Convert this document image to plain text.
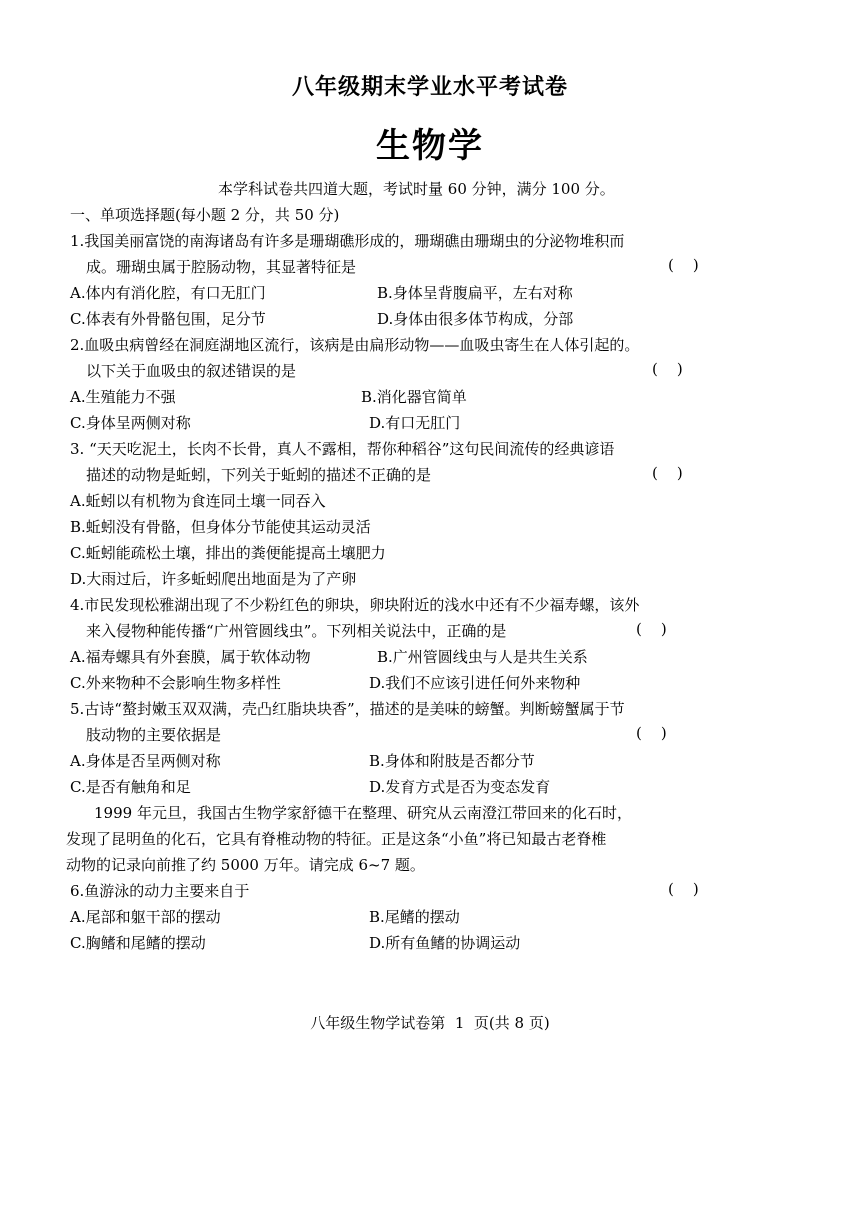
八年级期末学业水平考试卷
生物学
本学科试卷共四道大题，考试时量 60 分钟，满分 100 分。
一、单项选择题(每小题 2 分，共 50 分)
1.我国美丽富饶的南海诸岛有许多是珊瑚礁形成的，珊瑚礁由珊瑚虫的分泌物堆积而
成。珊瑚虫属于腔肠动物，其显著特征是	(    )
A.体内有消化腔，有口无肛门	B.身体呈背腹扁平，左右对称
C.体表有外骨骼包围，足分节	D.身体由很多体节构成，分部
2.血吸虫病曾经在洞庭湖地区流行，该病是由扁形动物——血吸虫寄生在人体引起的。
以下关于血吸虫的叙述错误的是	(    )
A.生殖能力不强	B.消化器官简单
C.身体呈两侧对称	D.有口无肛门
3. “天天吃泥土，长肉不长骨，真人不露相，帮你种稻谷”这句民间流传的经典谚语
描述的动物是蚯蚓，下列关于蚯蚓的描述不正确的是	(    )
A.蚯蚓以有机物为食连同土壤一同吞入
B.蚯蚓没有骨骼，但身体分节能使其运动灵活
C.蚯蚓能疏松土壤，排出的粪便能提高土壤肥力
D.大雨过后，许多蚯蚓爬出地面是为了产卵
4.市民发现松雅湖出现了不少粉红色的卵块，卵块附近的浅水中还有不少福寿螺，该外
来入侵物种能传播“广州管圆线虫”。下列相关说法中，正确的是	(    )
A.福寿螺具有外套膜，属于软体动物	B.广州管圆线虫与人是共生关系
C.外来物种不会影响生物多样性	D.我们不应该引进任何外来物种
5.古诗“螯封嫩玉双双满，壳凸红脂块块香”，描述的是美味的螃蟹。判断螃蟹属于节
肢动物的主要依据是	(    )
A.身体是否呈两侧对称	B.身体和附肢是否都分节
C.是否有触角和足	D.发育方式是否为变态发育
1999 年元旦，我国古生物学家舒德干在整理、研究从云南澄江带回来的化石时，
发现了昆明鱼的化石，它具有脊椎动物的特征。正是这条“小鱼”将已知最古老脊椎
动物的记录向前推了约 5000 万年。请完成 6~7 题。
6.鱼游泳的动力主要来自于	(    )
A.尾部和躯干部的摆动	B.尾鳍的摆动
C.胸鳍和尾鳍的摆动	D.所有鱼鳍的协调运动
八年级生物学试卷第  1  页(共 8 页)
